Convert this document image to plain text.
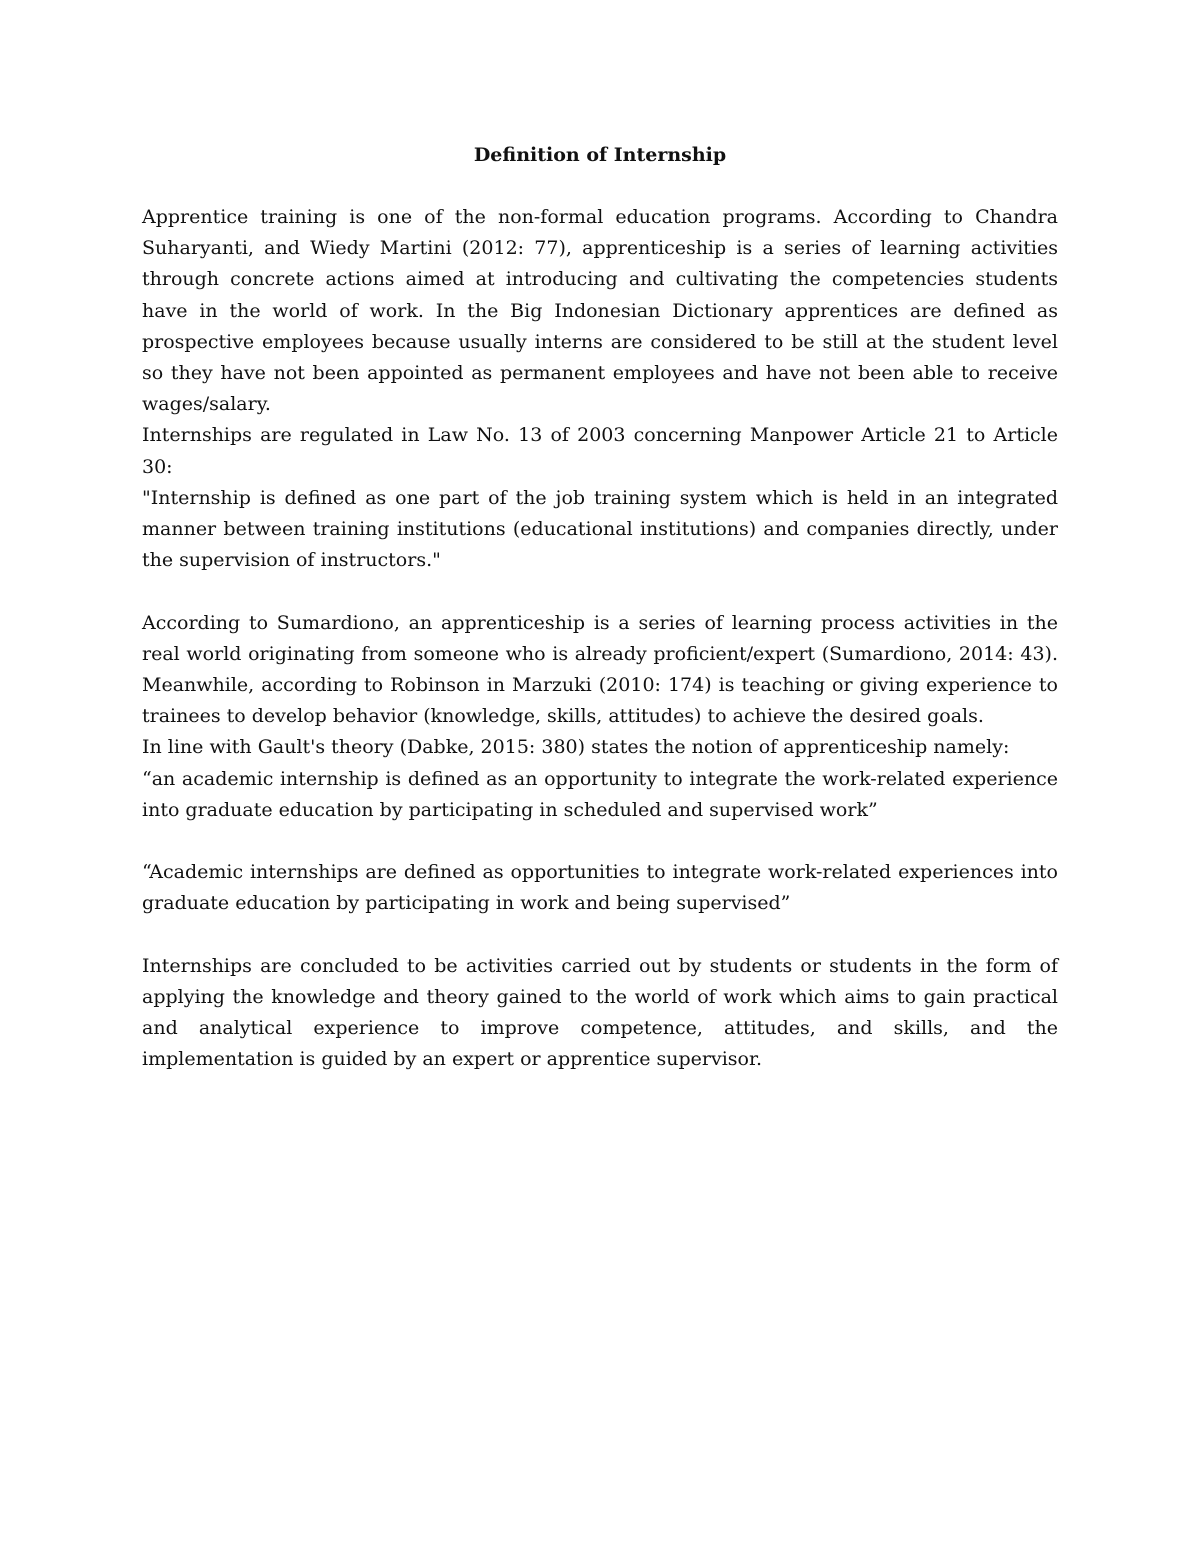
Definition of Internship

Apprentice training is one of the non-formal education programs. According to Chandra Suharyanti, and Wiedy Martini (2012: 77), apprenticeship is a series of learning activities through concrete actions aimed at introducing and cultivating the competencies students have in the world of work. In the Big Indonesian Dictionary apprentices are defined as prospective employees because usually interns are considered to be still at the student level so they have not been appointed as permanent employees and have not been able to receive wages/salary.
Internships are regulated in Law No. 13 of 2003 concerning Manpower Article 21 to Article 30:
"Internship is defined as one part of the job training system which is held in an integrated manner between training institutions (educational institutions) and companies directly, under the supervision of instructors."

According to Sumardiono, an apprenticeship is a series of learning process activities in the real world originating from someone who is already proficient/expert (Sumardiono, 2014: 43). Meanwhile, according to Robinson in Marzuki (2010: 174) is teaching or giving experience to trainees to develop behavior (knowledge, skills, attitudes) to achieve the desired goals.
In line with Gault's theory (Dabke, 2015: 380) states the notion of apprenticeship namely:
“an academic internship is defined as an opportunity to integrate the work-related experience into graduate education by participating in scheduled and supervised work”

“Academic internships are defined as opportunities to integrate work-related experiences into graduate education by participating in work and being supervised”

Internships are concluded to be activities carried out by students or students in the form of applying the knowledge and theory gained to the world of work which aims to gain practical and analytical experience to improve competence, attitudes, and skills, and the implementation is guided by an expert or apprentice supervisor.
